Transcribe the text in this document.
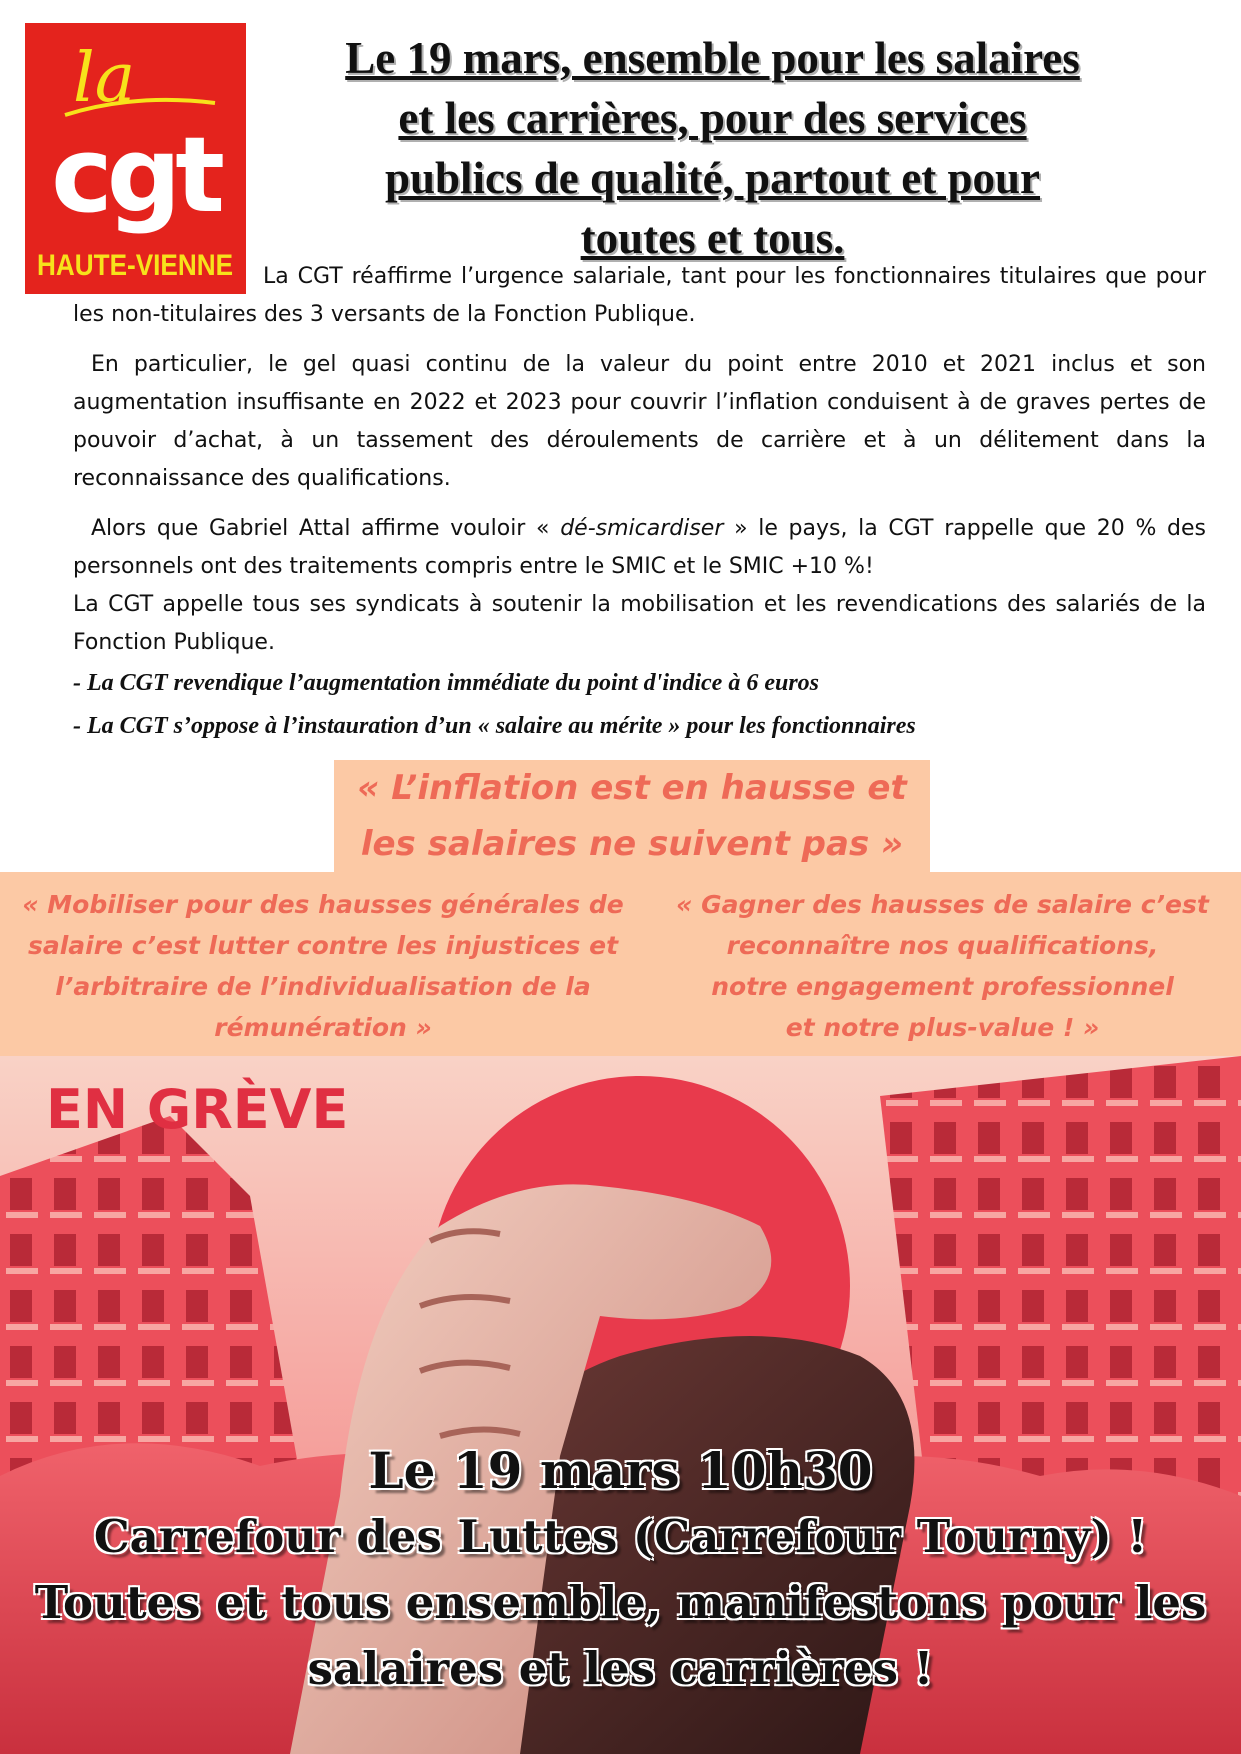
la
cgt
HAUTE-VIENNE
Le 19 mars, ensemble pour les salaires
et les carrières, pour des services
publics de qualité, partout et pour
toutes et tous.

La CGT réaffirme l’urgence salariale, tant pour les fonctionnaires titulaires que pour les non-titulaires des 3 versants de la Fonction Publique.

En particulier, le gel quasi continu de la valeur du point entre 2010 et 2021 inclus et son augmentation insuffisante en 2022 et 2023 pour couvrir l’inflation conduisent à de graves pertes de pouvoir d’achat, à un tassement des déroulements de carrière et à un délitement dans la reconnaissance des qualifications.

Alors que Gabriel Attal affirme vouloir « dé-smicardiser » le pays, la CGT rappelle que 20 % des personnels ont des traitements compris entre le SMIC et le SMIC +10 %!

La CGT appelle tous ses syndicats à soutenir la mobilisation et les revendications des salariés de la Fonction Publique.

- La CGT revendique l’augmentation immédiate du point d'indice à 6 euros

- La CGT s’oppose à l’instauration d’un « salaire au mérite » pour les fonctionnaires

« L’inflation est en hausse et
les salaires ne suivent pas »
« Mobiliser pour des hausses générales de
salaire c’est lutter contre les injustices et
l’arbitraire de l’individualisation de la
rémunération »
« Gagner des hausses de salaire c’est
reconnaître nos qualifications,
notre engagement professionnel
et notre plus-value ! »
EN GRÈVE
Le 19 mars 10h30
Carrefour des Luttes (Carrefour Tourny) !
Toutes et tous ensemble, manifestons pour les
salaires et les carrières !
